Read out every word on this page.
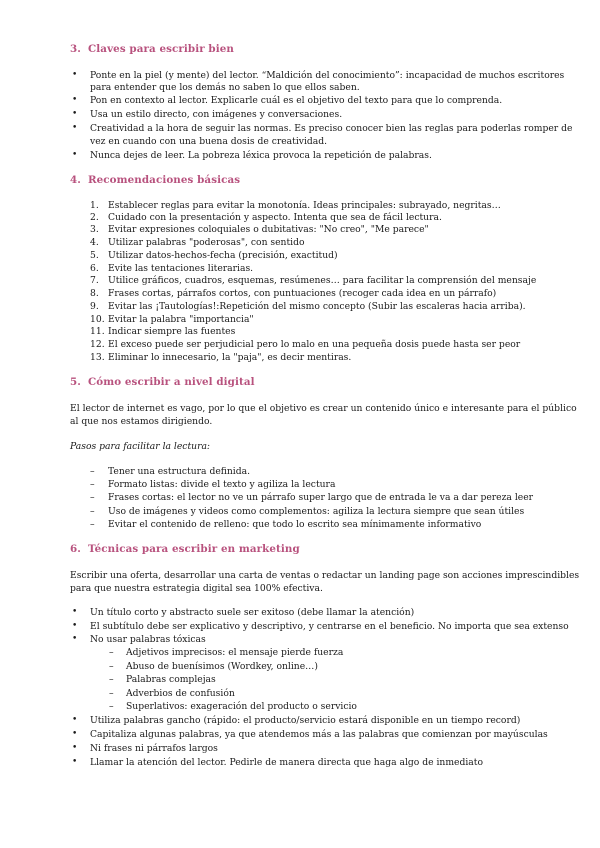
3. Claves para escribir bien
• Ponte en la piel (y mente) del lector. “Maldición del conocimiento”: incapacidad de muchos escritores
para entender que los demás no saben lo que ellos saben.
• Pon en contexto al lector. Explicarle cuál es el objetivo del texto para que lo comprenda.
• Usa un estilo directo, con imágenes y conversaciones.
• Creatividad a la hora de seguir las normas. Es preciso conocer bien las reglas para poderlas romper de
vez en cuando con una buena dosis de creatividad.
• Nunca dejes de leer. La pobreza léxica provoca la repetición de palabras.
4. Recomendaciones básicas
1. Establecer reglas para evitar la monotonía. Ideas principales: subrayado, negritas…
2. Cuidado con la presentación y aspecto. Intenta que sea de fácil lectura.
3. Evitar expresiones coloquiales o dubitativas: "No creo", "Me parece"
4. Utilizar palabras "poderosas", con sentido
5. Utilizar datos-hechos-fecha (precisión, exactitud)
6. Evite las tentaciones literarias.
7. Utilice gráficos, cuadros, esquemas, resúmenes… para facilitar la comprensión del mensaje
8. Frases cortas, párrafos cortos, con puntuaciones (recoger cada idea en un párrafo)
9. Evitar las ¡Tautologías!:Repetición del mismo concepto (Subir las escaleras hacia arriba).
10. Evitar la palabra "importancia"
11. Indicar siempre las fuentes
12. El exceso puede ser perjudicial pero lo malo en una pequeña dosis puede hasta ser peor
13. Eliminar lo innecesario, la "paja", es decir mentiras.
5. Cómo escribir a nivel digital
El lector de internet es vago, por lo que el objetivo es crear un contenido único e interesante para el público
al que nos estamos dirigiendo.
Pasos para facilitar la lectura:
– Tener una estructura definida.
– Formato listas: divide el texto y agiliza la lectura
– Frases cortas: el lector no ve un párrafo super largo que de entrada le va a dar pereza leer
– Uso de imágenes y videos como complementos: agiliza la lectura siempre que sean útiles
– Evitar el contenido de relleno: que todo lo escrito sea mínimamente informativo
6. Técnicas para escribir en marketing
Escribir una oferta, desarrollar una carta de ventas o redactar un landing page son acciones imprescindibles
para que nuestra estrategia digital sea 100% efectiva.
• Un título corto y abstracto suele ser exitoso (debe llamar la atención)
• El subtítulo debe ser explicativo y descriptivo, y centrarse en el beneficio. No importa que sea extenso
• No usar palabras tóxicas
– Adjetivos imprecisos: el mensaje pierde fuerza
– Abuso de buenísimos (Wordkey, online…)
– Palabras complejas
– Adverbios de confusión
– Superlativos: exageración del producto o servicio
• Utiliza palabras gancho (rápido: el producto/servicio estará disponible en un tiempo record)
• Capitaliza algunas palabras, ya que atendemos más a las palabras que comienzan por mayúsculas
• Ni frases ni párrafos largos
• Llamar la atención del lector. Pedirle de manera directa que haga algo de inmediato
